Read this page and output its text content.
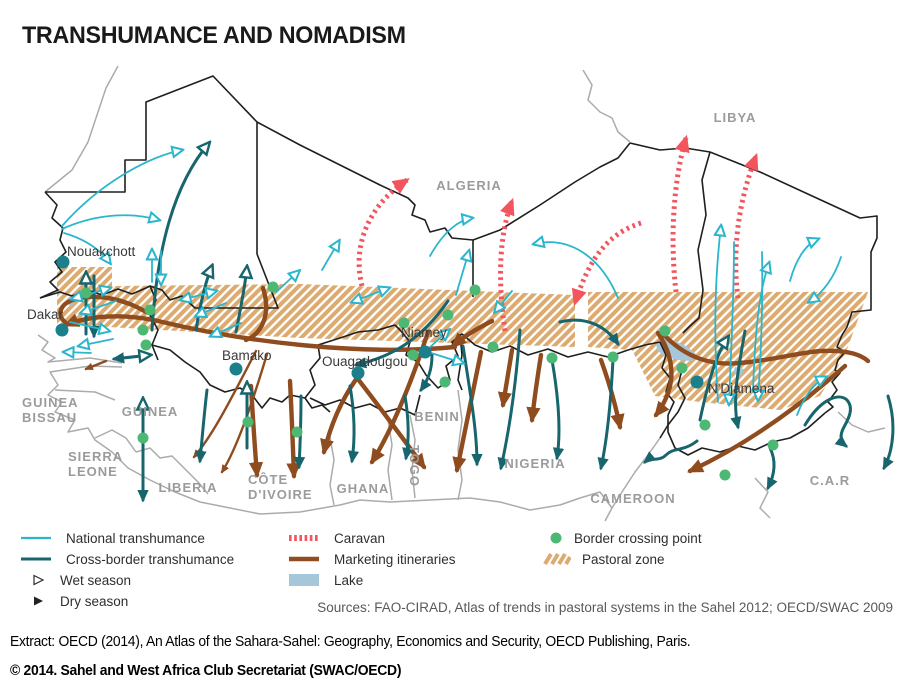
TRANSHUMANCE AND NOMADISM
ALGERIA
LIBYA
GUINEA
BISSAU	GUINEA
SIERRA
LEONE
LIBERIA
CÔTE
D'IVOIRE GHANA
TOGO
BENIN
NIGERIA
CAMEROON
C.A.R
Nouakchott
Dakar
Bamako	Ouagadougou
Niamey
N'Djamena
National transhumance
Cross-border transhumance
Wet season
Dry season
Caravan
Marketing itineraries
Lake
Border crossing point
Pastoral zone
Sources: FAO-CIRAD, Atlas of trends in pastoral systems in the Sahel 2012; OECD/SWAC 2009
Extract: OECD (2014), An Atlas of the Sahara-Sahel: Geography, Economics and Security, OECD Publishing, Paris.
© 2014. Sahel and West Africa Club Secretariat (SWAC/OECD)
